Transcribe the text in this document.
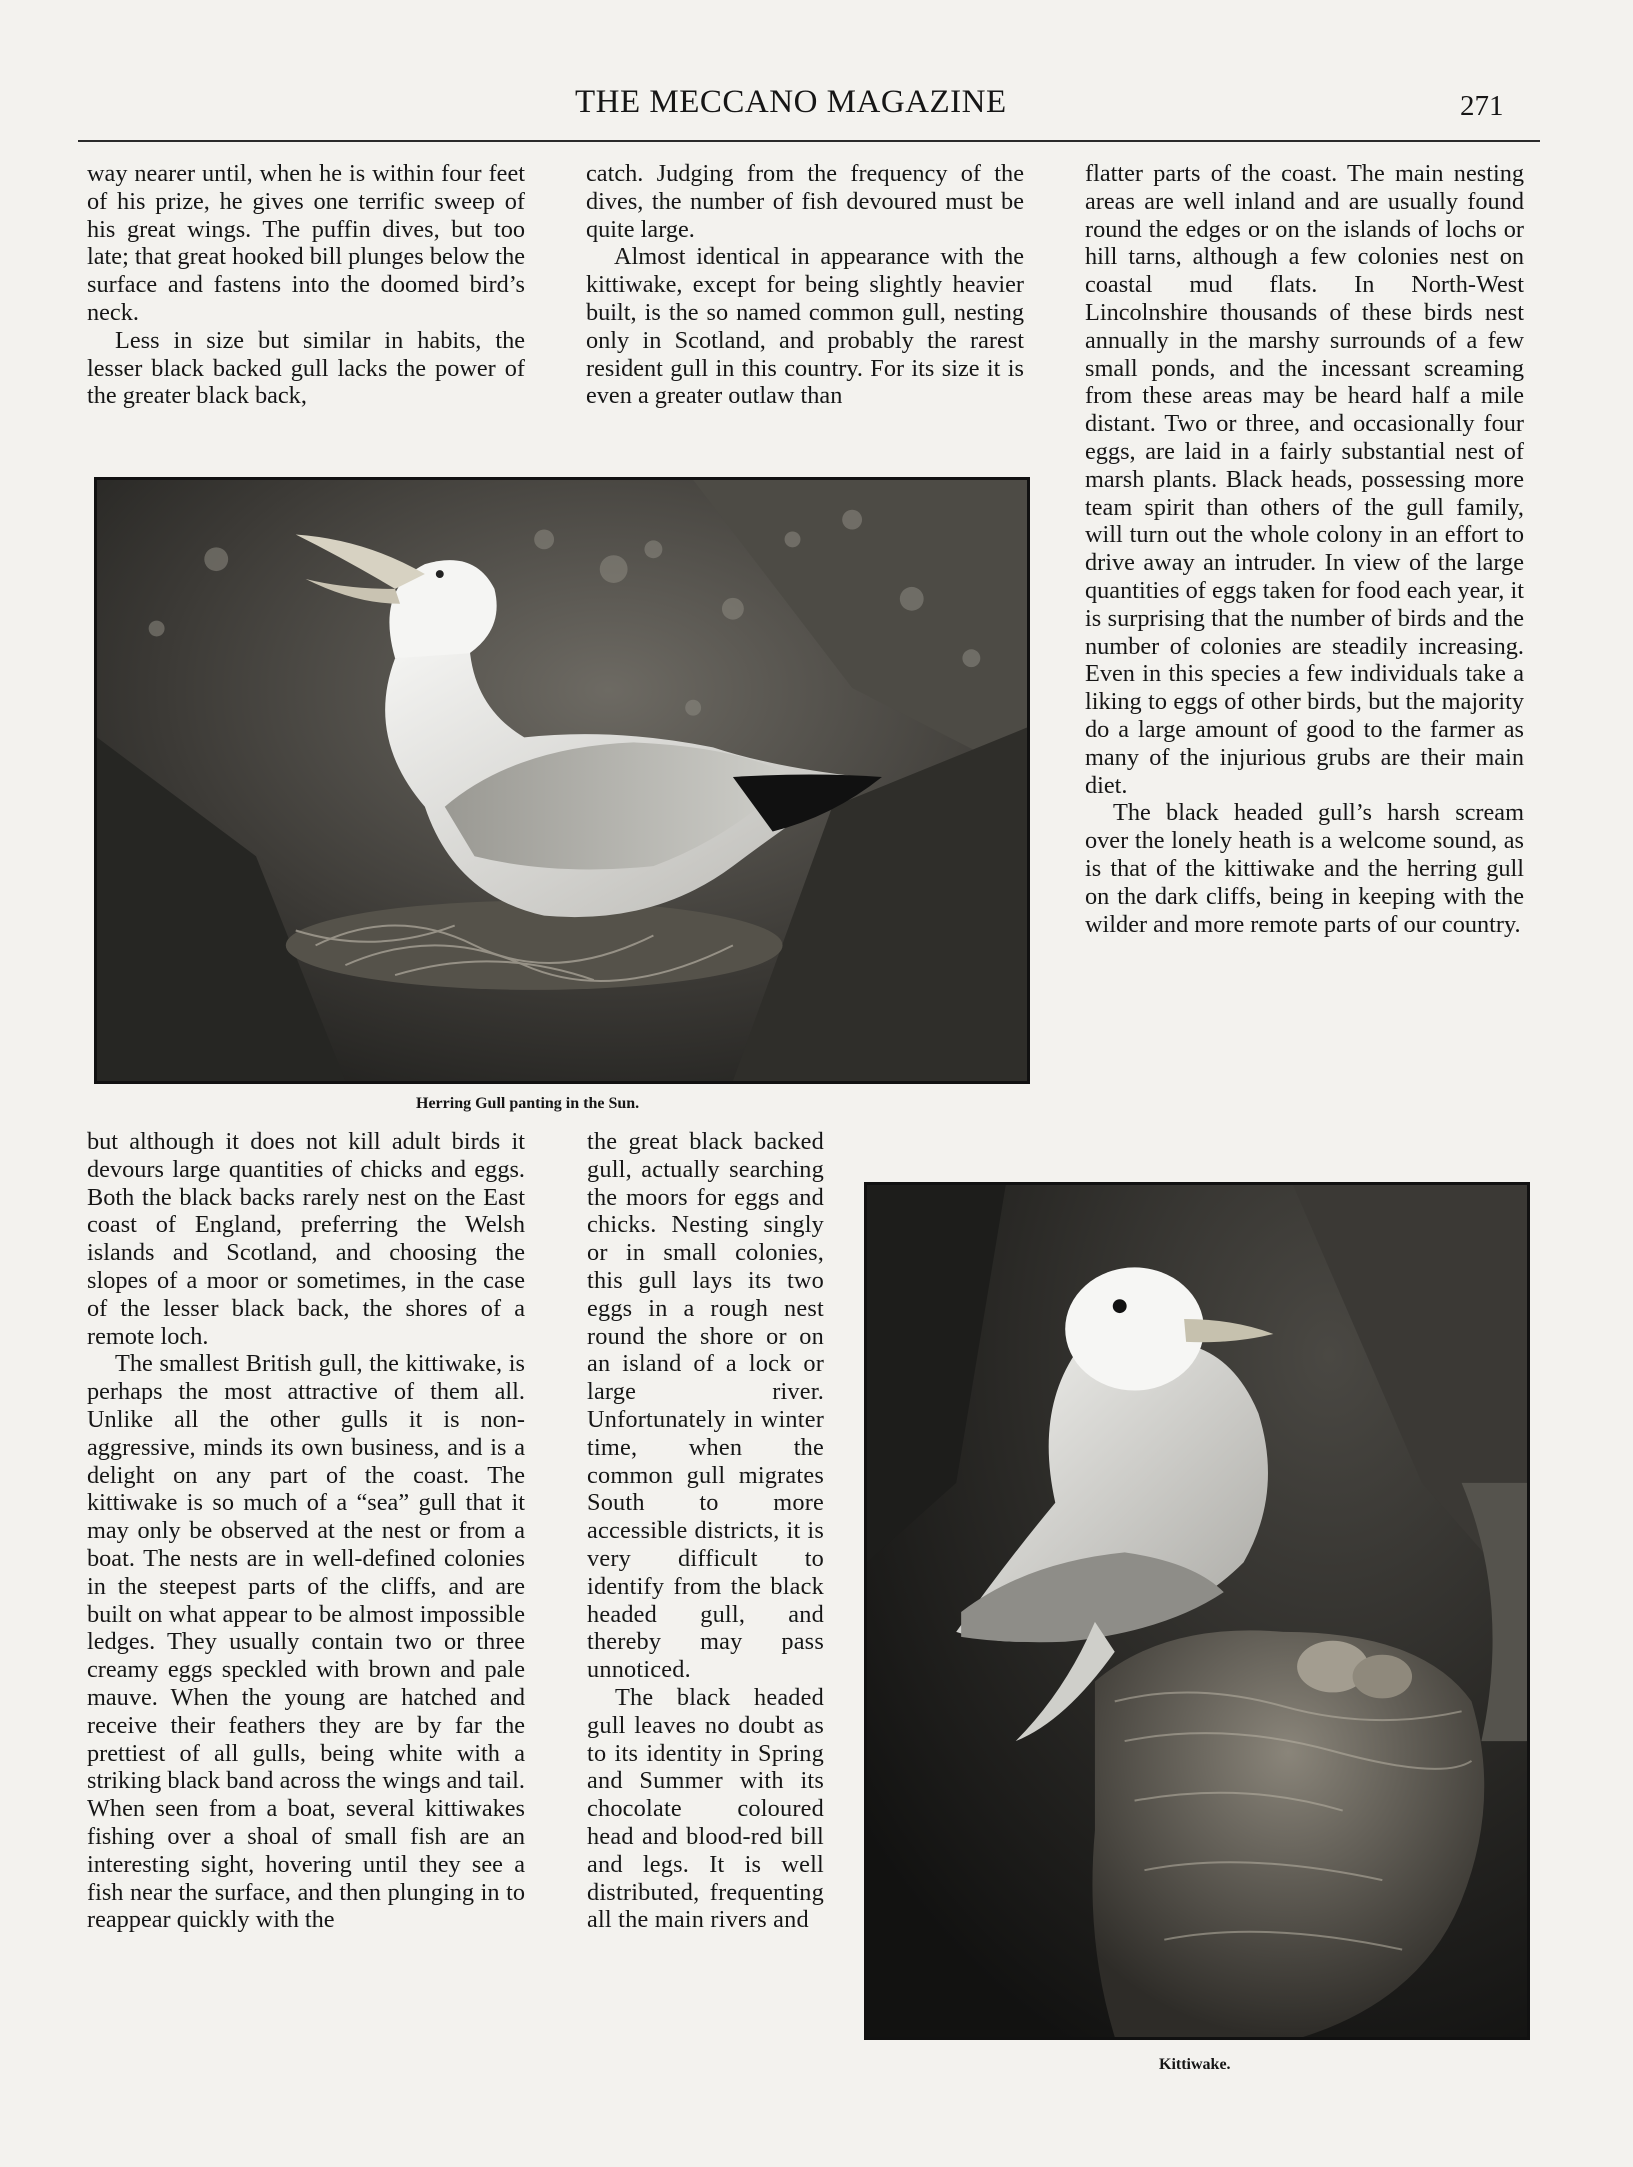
THE MECCANO MAGAZINE	271

way nearer until, when he is within four feet of his prize, he gives one terrific sweep of his great wings. The puffin dives, but too late; that great hooked bill plunges below the surface and fastens into the doomed bird’s neck.

Less in size but similar in habits, the lesser black backed gull lacks the power of the greater black back,

catch. Judging from the frequency of the dives, the number of fish devoured must be quite large.

Almost identical in appearance with the kittiwake, except for being slightly heavier built, is the so named common gull, nesting only in Scotland, and probably the rarest resident gull in this country. For its size it is even a greater outlaw than

flatter parts of the coast. The main nesting areas are well inland and are usually found round the edges or on the islands of lochs or hill tarns, although a few colonies nest on coastal mud flats. In North-West Lincolnshire thousands of these birds nest annually in the marshy surrounds of a few small ponds, and the incessant screaming from these areas may be heard half a mile distant. Two or three, and occasionally four eggs, are laid in a fairly substantial nest of marsh plants. Black heads, possessing more team spirit than others of the gull family, will turn out the whole colony in an effort to drive away an intruder. In view of the large quantities of eggs taken for food each year, it is surprising that the number of birds and the number of colonies are steadily increasing. Even in this species a few individuals take a liking to eggs of other birds, but the majority do a large amount of good to the farmer as many of the injurious grubs are their main diet.

The black headed gull’s harsh scream over the lonely heath is a welcome sound, as is that of the kittiwake and the herring gull on the dark cliffs, being in keeping with the wilder and more remote parts of our country.

Herring Gull panting in the Sun.

but although it does not kill adult birds it devours large quantities of chicks and eggs. Both the black backs rarely nest on the East coast of England, preferring the Welsh islands and Scotland, and choosing the slopes of a moor or sometimes, in the case of the lesser black back, the shores of a remote loch.

The smallest British gull, the kittiwake, is perhaps the most attractive of them all. Unlike all the other gulls it is non-aggressive, minds its own business, and is a delight on any part of the coast. The kittiwake is so much of a “sea” gull that it may only be observed at the nest or from a boat. The nests are in well-defined colonies in the steepest parts of the cliffs, and are built on what appear to be almost impossible ledges. They usually contain two or three creamy eggs speckled with brown and pale mauve. When the young are hatched and receive their feathers they are by far the prettiest of all gulls, being white with a striking black band across the wings and tail. When seen from a boat, several kittiwakes fishing over a shoal of small fish are an interesting sight, hovering until they see a fish near the surface, and then plunging in to reappear quickly with the

the great black backed gull, actually searching the moors for eggs and chicks. Nesting singly or in small colonies, this gull lays its two eggs in a rough nest round the shore or on an island of a lock or large river. Unfortunately in winter time, when the common gull migrates South to more accessible districts, it is very difficult to identify from the black headed gull, and thereby may pass unnoticed.

The black headed gull leaves no doubt as to its identity in Spring and Summer with its chocolate coloured head and blood-red bill and legs. It is well distributed, frequenting all the main rivers and

Kittiwake.
